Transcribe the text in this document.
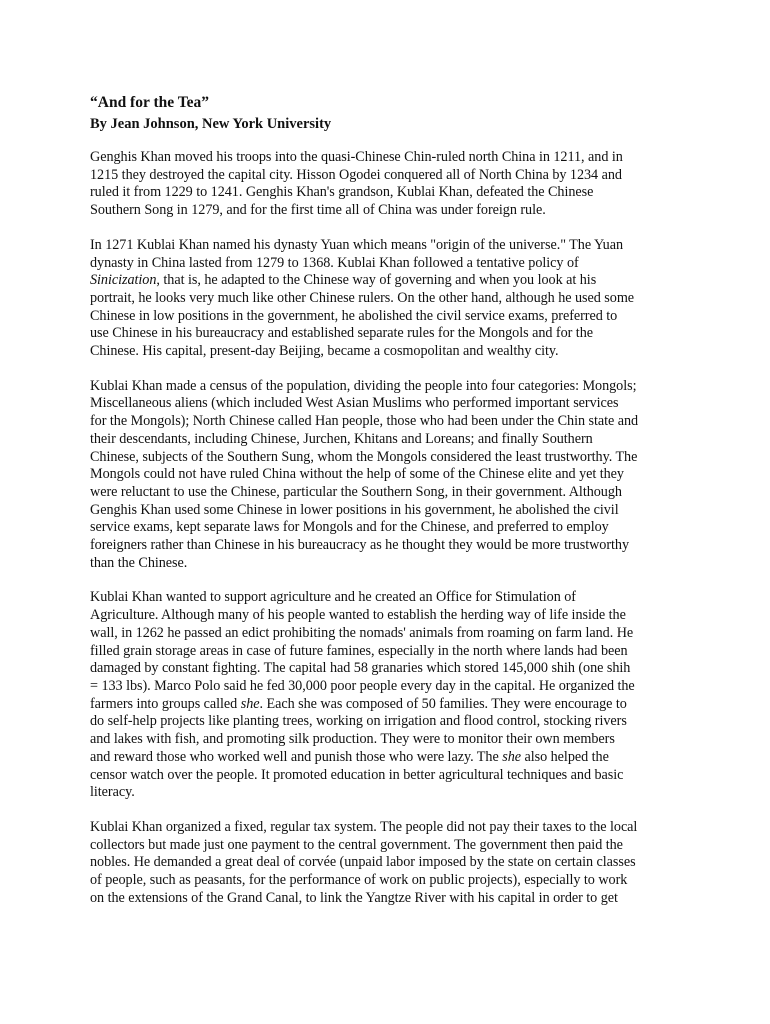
“And for the Tea”
By Jean Johnson, New York University

Genghis Khan moved his troops into the quasi-Chinese Chin-ruled north China in 1211, and in
1215 they destroyed the capital city. Hisson Ogodei conquered all of North China by 1234 and
ruled it from 1229 to 1241. Genghis Khan's grandson, Kublai Khan, defeated the Chinese
Southern Song in 1279, and for the first time all of China was under foreign rule.

In 1271 Kublai Khan named his dynasty Yuan which means "origin of the universe." The Yuan
dynasty in China lasted from 1279 to 1368. Kublai Khan followed a tentative policy of
Sinicization, that is, he adapted to the Chinese way of governing and when you look at his
portrait, he looks very much like other Chinese rulers. On the other hand, although he used some
Chinese in low positions in the government, he abolished the civil service exams, preferred to
use Chinese in his bureaucracy and established separate rules for the Mongols and for the
Chinese. His capital, present-day Beijing, became a cosmopolitan and wealthy city.

Kublai Khan made a census of the population, dividing the people into four categories: Mongols;
Miscellaneous aliens (which included West Asian Muslims who performed important services
for the Mongols); North Chinese called Han people, those who had been under the Chin state and
their descendants, including Chinese, Jurchen, Khitans and Loreans; and finally Southern
Chinese, subjects of the Southern Sung, whom the Mongols considered the least trustworthy. The
Mongols could not have ruled China without the help of some of the Chinese elite and yet they
were reluctant to use the Chinese, particular the Southern Song, in their government. Although
Genghis Khan used some Chinese in lower positions in his government, he abolished the civil
service exams, kept separate laws for Mongols and for the Chinese, and preferred to employ
foreigners rather than Chinese in his bureaucracy as he thought they would be more trustworthy
than the Chinese.

Kublai Khan wanted to support agriculture and he created an Office for Stimulation of
Agriculture. Although many of his people wanted to establish the herding way of life inside the
wall, in 1262 he passed an edict prohibiting the nomads' animals from roaming on farm land. He
filled grain storage areas in case of future famines, especially in the north where lands had been
damaged by constant fighting. The capital had 58 granaries which stored 145,000 shih (one shih
= 133 lbs). Marco Polo said he fed 30,000 poor people every day in the capital. He organized the
farmers into groups called she. Each she was composed of 50 families. They were encourage to
do self-help projects like planting trees, working on irrigation and flood control, stocking rivers
and lakes with fish, and promoting silk production. They were to monitor their own members
and reward those who worked well and punish those who were lazy. The she also helped the
censor watch over the people. It promoted education in better agricultural techniques and basic
literacy.

Kublai Khan organized a fixed, regular tax system. The people did not pay their taxes to the local
collectors but made just one payment to the central government. The government then paid the
nobles. He demanded a great deal of corvée (unpaid labor imposed by the state on certain classes
of people, such as peasants, for the performance of work on public projects), especially to work
on the extensions of the Grand Canal, to link the Yangtze River with his capital in order to get
